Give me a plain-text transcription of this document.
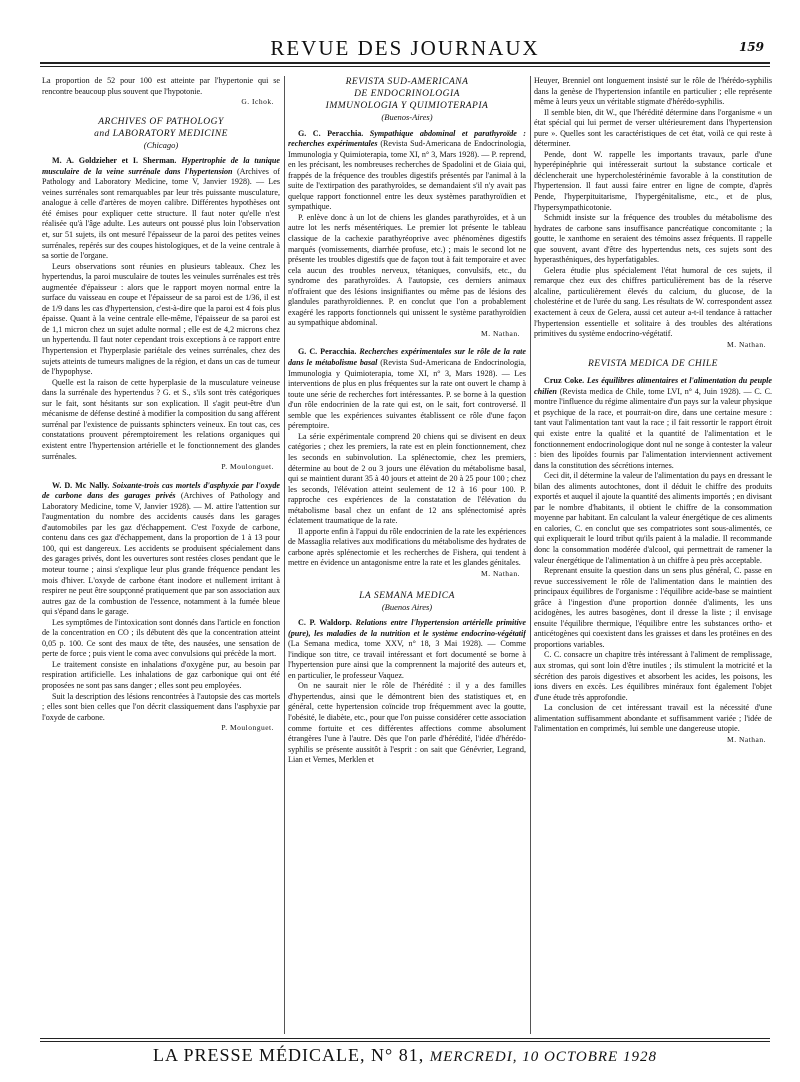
REVUE DES JOURNAUX	159

La proportion de 52 pour 100 est atteinte par l'hypertonie qui se rencontre beaucoup plus souvent que l'hypotonie.

G. Ichok.
ARCHIVES OF PATHOLOGY
and LABORATORY MEDICINE
(Chicago)

M. A. Goldzieher et I. Sherman. Hypertrophie de la tunique musculaire de la veine surrénale dans l'hypertension (Archives of Pathology and Laboratory Medicine, tome V, Janvier 1928). — Les veines surrénales sont remarquables par leur très puissante musculature, analogue à celle d'artères de moyen calibre. Différentes hypothèses ont été émises pour expliquer cette structure. Il faut noter qu'elle n'est réalisée qu'à l'âge adulte. Les auteurs ont poussé plus loin l'observation et, sur 51 sujets, ils ont mesuré l'épaisseur de la paroi des petites veines surrénales, repérés sur des coupes histologiques, et de la veine centrale à sa sortie de l'organe.

Leurs observations sont réunies en plusieurs tableaux. Chez les hypertendus, la paroi musculaire de toutes les veinules surrénales est très augmentée d'épaisseur : alors que le rapport moyen normal entre la surface du vaisseau en coupe et l'épaisseur de sa paroi est de 1/36, il est de 1/9 dans les cas d'hypertension, c'est-à-dire que la paroi est 4 fois plus épaisse. Quant à la veine centrale elle-même, l'épaisseur de sa paroi est de 1,1 micron chez un sujet adulte normal ; elle est de 4,2 microns chez un hypertendu. Il faut noter cependant trois exceptions à ce rapport entre l'hypertension et l'hyperplasie pariétale des veines surrénales, chez des sujets atteints de tumeurs malignes de la région, et dans un cas de tumeur de l'hypophyse.

Quelle est la raison de cette hyperplasie de la musculature veineuse dans la surrénale des hypertendus ? G. et S., s'ils sont très catégoriques sur le fait, sont hésitants sur son explication. Il s'agit peut-être d'un mécanisme de défense destiné à modifier la composition du sang afférent surrénal par l'existence de puissants sphincters veineux. En tout cas, ces constatations prouvent péremptoirement les relations organiques qui existent entre l'hypertension artérielle et le fonctionnement des glandes surrénales.

P. Moulonguet.

W. D. Mc Nally. Soixante-trois cas mortels d'asphyxie par l'oxyde de carbone dans des garages privés (Archives of Pathology and Laboratory Medicine, tome V, Janvier 1928). — M. attire l'attention sur l'augmentation du nombre des accidents causés dans les garages d'automobiles par les gaz d'échappement. C'est l'oxyde de carbone, contenu dans ces gaz d'échappement, dans la proportion de 1 à 13 pour 100, qui est dangereux. Les accidents se produisent spécialement dans des garages privés, dont les ouvertures sont restées closes pendant que le moteur tourne ; ainsi s'explique leur plus grande fréquence pendant les mois d'hiver. L'oxyde de carbone étant inodore et nullement irritant à respirer ne peut être soupçonné pratiquement que par son association aux autres gaz de la combustion de l'essence, notamment à la fumée bleue qui s'épand dans le garage.

Les symptômes de l'intoxication sont donnés dans l'article en fonction de la concentration en CO ; ils débutent dès que la concentration atteint 0,05 p. 100. Ce sont des maux de tête, des nausées, une sensation de perte de force ; puis vient le coma avec convulsions qui précède la mort.

Le traitement consiste en inhalations d'oxygène pur, au besoin par respiration artificielle. Les inhalations de gaz carbonique qui ont été proposées ne sont pas sans danger ; elles sont peu employées.

Suit la description des lésions rencontrées à l'autopsie des cas mortels ; elles sont bien celles que l'on décrit classiquement dans l'asphyxie par l'oxyde de carbone.

P. Moulonguet.
REVISTA SUD-AMERICANA
DE ENDOCRINOLOGIA
IMMUNOLOGIA Y QUIMIOTERAPIA
(Buenos-Aires)

G. C. Peracchia. Sympathique abdominal et parathyroïde : recherches expérimentales (Revista Sud-Americana de Endocrinologia, Immunologia y Quimioterapia, tome XI, n° 3, Mars 1928). — P. reprend, en les précisant, les nombreuses recherches de Spadolini et de Giaia qui, frappés de la fréquence des troubles digestifs présentés par l'animal à la suite de l'extirpation des parathyroïdes, se demandaient s'il n'y avait pas quelque rapport fonctionnel entre les deux systèmes parathyroïdien et sympathique.

P. enlève donc à un lot de chiens les glandes parathyroïdes, et à un autre lot les nerfs mésentériques. Le premier lot présente le tableau classique de la cachexie parathyréoprive avec phénomènes digestifs marqués (vomissements, diarrhée profuse, etc.) ; mais le second lot ne présente les troubles digestifs que de façon tout à fait temporaire et avec cela aucun des troubles nerveux, tétaniques, convulsifs, etc., du syndrome des parathyroïdes. A l'autopsie, ces derniers animaux n'offraient que des lésions insignifiantes ou même pas de lésions des glandules parathyroïdiennes. P. en conclut que l'on a probablement exagéré les rapports fonctionnels qui unissent le système parathyroïdien au sympathique abdominal.

M. Nathan.

G. C. Peracchia. Recherches expérimentales sur le rôle de la rate dans le métabolisme basal (Revista Sud-Americana de Endocrinologia, Immunologia y Quimioterapia, tome XI, n° 3, Mars 1928). — Les interventions de plus en plus fréquentes sur la rate ont ouvert le champ à toute une série de recherches fort intéressantes. P. se borne à la question d'un rôle endocrinien de la rate qui est, on le sait, fort controversé. Il semble que les expériences suivantes établissent ce rôle d'une façon péremptoire.

La série expérimentale comprend 20 chiens qui se divisent en deux catégories ; chez les premiers, la rate est en plein fonctionnement, chez les seconds en subinvolution. La splénectomie, chez les premiers, détermine au bout de 2 ou 3 jours une élévation du métabolisme basal, qui se maintient durant 35 à 40 jours et atteint de 20 à 25 pour 100 ; chez les seconds, l'élévation atteint seulement de 12 à 16 pour 100. P. rapproche ces expériences de la constatation de l'élévation du métabolisme basal chez un enfant de 12 ans splénectomisé après éclatement traumatique de la rate.

Il apporte enfin à l'appui du rôle endocrinien de la rate les expériences de Massaglia relatives aux modifications du métabolisme des hydrates de carbone après splénectomie et les recherches de Fishera, qui tendent à mettre en évidence un antagonisme entre la rate et les glandes génitales.

M. Nathan.
LA SEMANA MEDICA
(Buenos Aires)

C. P. Waldorp. Relations entre l'hypertension artérielle primitive (pure), les maladies de la nutrition et le système endocrino-végétatif (La Semana medica, tome XXV, n° 18, 3 Mai 1928). — Comme l'indique son titre, ce travail intéressant et fort documenté se borne à l'hypertension pure ainsi que la comprennent la majorité des auteurs et, en particulier, le professeur Vaquez.

On ne saurait nier le rôle de l'hérédité : il y a des familles d'hypertendus, ainsi que le démontrent bien des statistiques et, en général, cette hypertension coïncide trop fréquemment avec la goutte, l'obésité, le diabète, etc., pour que l'on puisse considérer cette association comme fortuite et ces différentes affections comme absolument étrangères l'une à l'autre. Dès que l'on parle d'hérédité, l'idée d'hérédo-syphilis se présente aussitôt à l'esprit : on sait que Génévrier, Legrand, Lian et Vernes, Merklen et

Heuyer, Brenniel ont longuement insisté sur le rôle de l'hérédo-syphilis dans la genèse de l'hypertension infantile en particulier ; elle représente même à leurs yeux un véritable stigmate d'hérédo-syphilis.

Il semble bien, dit W., que l'hérédité détermine dans l'organisme « un état spécial qui lui permet de verser ultérieurement dans l'hypertension pure ». Quelles sont les caractéristiques de cet état, voilà ce qui reste à déterminer.

Pende, dont W. rappelle les importants travaux, parle d'une hyperépinéphrie qui intéresserait surtout la substance corticale et déclencherait une hypercholestérinémie favorable à la constitution de l'hypertension. Il faut aussi faire entrer en ligne de compte, d'après Pende, l'hyperpituitarisme, l'hypergénitalisme, etc., et de plus, l'hypersympathicotonie.

Schmidt insiste sur la fréquence des troubles du métabolisme des hydrates de carbone sans insuffisance pancréatique concomitante ; la goutte, le xanthome en seraient des témoins assez fréquents. Il rappelle que souvent, avant d'être des hypertendus nets, ces sujets sont des hyperasthéniques, des hyperfatigables.

Gelera étudie plus spécialement l'état humoral de ces sujets, il remarque chez eux des chiffres particulièrement bas de la réserve alcaline, particulièrement élevés du calcium, du glucose, de la cholestérine et de l'urée du sang. Les résultats de W. correspondent assez exactement à ceux de Gelera, aussi cet auteur a-t-il tendance à rattacher l'hypertension essentielle et solitaire à des troubles des altérations primitives du système endocrino-végétatif.

M. Nathan.
REVISTA MEDICA DE CHILE

Cruz Coke. Les équilibres alimentaires et l'alimentation du peuple chilien (Revista medica de Chile, tome LVI, n° 4, Juin 1928). — C. C. montre l'influence du régime alimentaire d'un pays sur la valeur physique et psychique de la race, et pourrait-on dire, dans une certaine mesure : tant vaut l'alimentation tant vaut la race ; il fait ressortir le rapport étroit qui existe entre la qualité et la quantité de l'alimentation et le fonctionnement endocrinologique dont nul ne songe à contester la valeur : bien des lipoïdes fournis par l'alimentation interviennent activement dans la constitution des sécrétions internes.

Ceci dit, il détermine la valeur de l'alimentation du pays en dressant le bilan des aliments autochtones, dont il déduit le chiffre des produits exportés et auquel il ajoute la quantité des aliments importés ; en divisant par le nombre d'habitants, il obtient le chiffre de la consommation moyenne par habitant. En calculant la valeur énergétique de ces aliments en calories, C. en conclut que ses compatriotes sont sous-alimentés, ce qui expliquerait le lourd tribut qu'ils paient à la maladie. Il recommande donc la consommation modérée d'alcool, qui permettrait de ramener la valeur énergétique de l'alimentation à un chiffre à peu près acceptable.

Reprenant ensuite la question dans un sens plus général, C. passe en revue successivement le rôle de l'alimentation dans le maintien des principaux équilibres de l'organisme : l'équilibre acide-base se maintient grâce à l'ingestion d'une proportion donnée d'aliments, les uns acidogènes, les autres basogènes, dont il dresse la liste ; il envisage ensuite l'équilibre thermique, l'équilibre entre les substances ortho- et anticétogènes qui coexistent dans les graisses et dans les protéines en des proportions variables.

C. C. consacre un chapitre très intéressant à l'aliment de remplissage, aux stromas, qui sont loin d'être inutiles ; ils stimulent la motricité et la sécrétion des parois digestives et absorbent les acides, les poisons, les ions divers en excès. Les équilibres minéraux font également l'objet d'une étude très approfondie.

La conclusion de cet intéressant travail est la nécessité d'une alimentation suffisamment abondante et suffisamment variée ; l'idée de l'alimentation en comprimés, lui semble une dangereuse utopie.

M. Nathan.
LA PRESSE MÉDICALE, N° 81, MERCREDI, 10 OCTOBRE 1928
